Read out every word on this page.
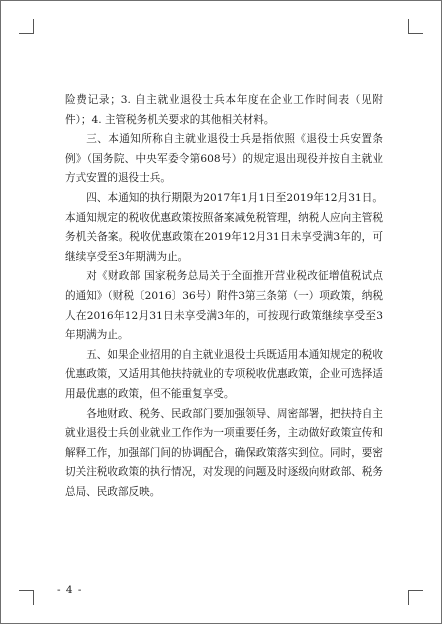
险费记录；3. 自主就业退役士兵本年度在企业工作时间表（见附件）；4. 主管税务机关要求的其他相关材料。

三、本通知所称自主就业退役士兵是指依照《退役士兵安置条例》（国务院、中央军委令第608号）的规定退出现役并按自主就业方式安置的退役士兵。

四、本通知的执行期限为2017年1月1日至2019年12月31日。本通知规定的税收优惠政策按照备案减免税管理，纳税人应向主管税务机关备案。税收优惠政策在2019年12月31日未享受满3年的，可继续享受至3年期满为止。

对《财政部 国家税务总局关于全面推开营业税改征增值税试点的通知》（财税〔2016〕36号）附件3第三条第（一）项政策，纳税人在2016年12月31日未享受满3年的，可按现行政策继续享受至3年期满为止。

五、如果企业招用的自主就业退役士兵既适用本通知规定的税收优惠政策，又适用其他扶持就业的专项税收优惠政策，企业可选择适用最优惠的政策，但不能重复享受。

各地财政、税务、民政部门要加强领导、周密部署，把扶持自主就业退役士兵创业就业工作作为一项重要任务，主动做好政策宣传和解释工作，加强部门间的协调配合，确保政策落实到位。同时，要密切关注税收政策的执行情况，对发现的问题及时逐级向财政部、税务总局、民政部反映。

- 4 -
